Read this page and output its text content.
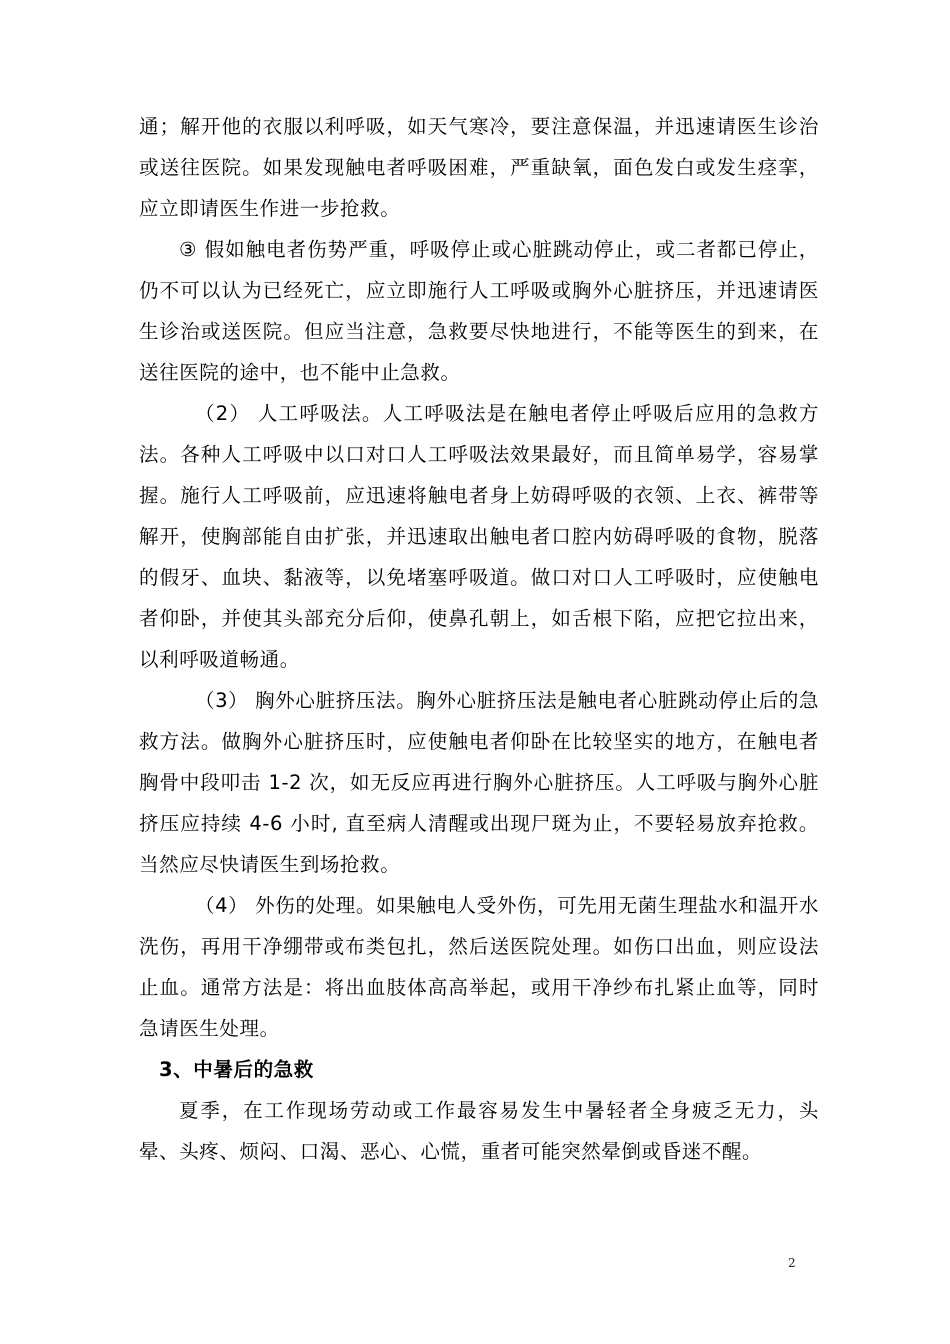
通；解开他的衣服以利呼吸，如天气寒冷，要注意保温，并迅速请医生诊治或送往医院。如果发现触电者呼吸困难，严重缺氧，面色发白或发生痉挛，应立即请医生作进一步抢救。

③ 假如触电者伤势严重，呼吸停止或心脏跳动停止，或二者都已停止，仍不可以认为已经死亡，应立即施行人工呼吸或胸外心脏挤压，并迅速请医生诊治或送医院。但应当注意，急救要尽快地进行，不能等医生的到来，在送往医院的途中，也不能中止急救。

（2） 人工呼吸法。人工呼吸法是在触电者停止呼吸后应用的急救方法。各种人工呼吸中以口对口人工呼吸法效果最好，而且简单易学，容易掌握。施行人工呼吸前，应迅速将触电者身上妨碍呼吸的衣领、上衣、裤带等解开，使胸部能自由扩张，并迅速取出触电者口腔内妨碍呼吸的食物，脱落的假牙、血块、黏液等，以免堵塞呼吸道。做口对口人工呼吸时，应使触电者仰卧，并使其头部充分后仰，使鼻孔朝上，如舌根下陷，应把它拉出来，以利呼吸道畅通。

（3） 胸外心脏挤压法。胸外心脏挤压法是触电者心脏跳动停止后的急救方法。做胸外心脏挤压时，应使触电者仰卧在比较坚实的地方，在触电者胸骨中段叩击 1-2 次，如无反应再进行胸外心脏挤压。人工呼吸与胸外心脏挤压应持续 4-6 小时, 直至病人清醒或出现尸斑为止，不要轻易放弃抢救。当然应尽快请医生到场抢救。

（4） 外伤的处理。如果触电人受外伤，可先用无菌生理盐水和温开水洗伤，再用干净绷带或布类包扎，然后送医院处理。如伤口出血，则应设法止血。通常方法是：将出血肢体高高举起，或用干净纱布扎紧止血等，同时急请医生处理。

3、中暑后的急救

夏季，在工作现场劳动或工作最容易发生中暑轻者全身疲乏无力，头晕、头疼、烦闷、口渴、恶心、心慌，重者可能突然晕倒或昏迷不醒。

2
